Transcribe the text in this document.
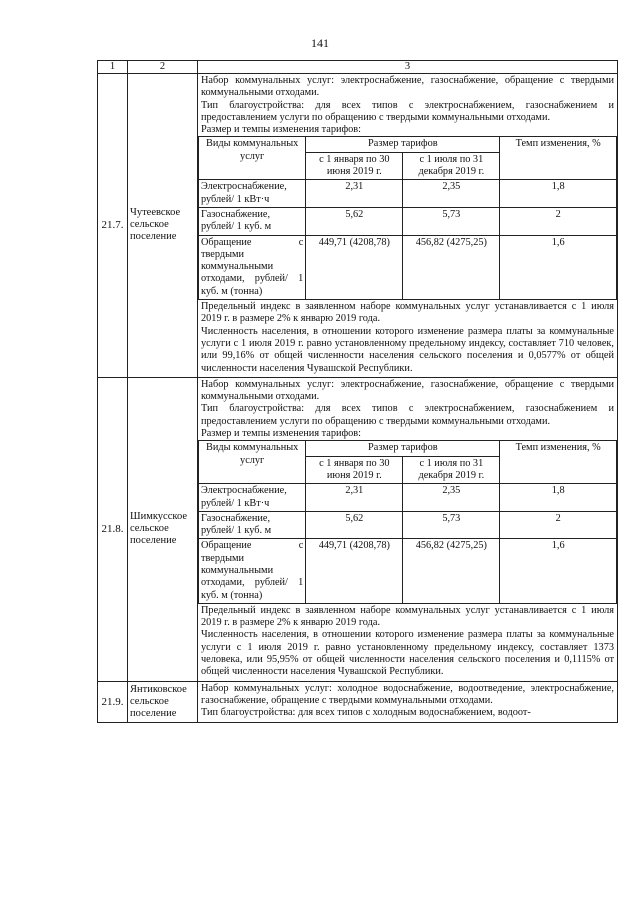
141
1	2	3
21.7.	Чутеевское сельское поселение	

Набор коммунальных услуг: электроснабжение, газоснабжение, обращение с твердыми коммунальными отходами.

Тип благоустройства: для всех типов с электроснабжением, газоснабжением и предоставлением услуги по обращению с твердыми коммунальными отходами.

Размер и темпы изменения тарифов:

Виды коммунальных услуг	Размер тарифов	Темп изменения, %
с 1 января по 30 июня 2019 г.	с 1 июля по 31 декабря 2019 г.
Электроснабжение, рублей/ 1 кВт·ч	2,31	2,35	1,8
Газоснабжение, рублей/ 1 куб. м	5,62	5,73	2
Обращение с твердыми коммунальными отходами, рублей/ 1 куб. м (тонна)	449,71 (4208,78)	456,82 (4275,25)	1,6

Предельный индекс в заявленном наборе коммунальных услуг устанавливается с 1 июля 2019 г. в размере 2% к январю 2019 года.

Численность населения, в отношении которого изменение размера платы за коммунальные услуги с 1 июля 2019 г. равно установленному предельному индексу, составляет 710 человек, или 99,16% от общей численности населения сельского поселения и 0,0577% от общей численности населения Чувашской Республики.

21.8.	Шимкусское сельское поселение	

Набор коммунальных услуг: электроснабжение, газоснабжение, обращение с твердыми коммунальными отходами.

Тип благоустройства: для всех типов с электроснабжением, газоснабжением и предоставлением услуги по обращению с твердыми коммунальными отходами.

Размер и темпы изменения тарифов:

Виды коммунальных услуг	Размер тарифов	Темп изменения, %
с 1 января по 30 июня 2019 г.	с 1 июля по 31 декабря 2019 г.
Электроснабжение, рублей/ 1 кВт·ч	2,31	2,35	1,8
Газоснабжение, рублей/ 1 куб. м	5,62	5,73	2
Обращение с твердыми коммунальными отходами, рублей/ 1 куб. м (тонна)	449,71 (4208,78)	456,82 (4275,25)	1,6

Предельный индекс в заявленном наборе коммунальных услуг устанавливается с 1 июля 2019 г. в размере 2% к январю 2019 года.

Численность населения, в отношении которого изменение размера платы за коммунальные услуги с 1 июля 2019 г. равно установленному предельному индексу, составляет 1373 человека, или 95,95% от общей численности населения сельского поселения и 0,1115% от общей численности населения Чувашской Республики.

21.9.	Янтиковское сельское поселение	

Набор коммунальных услуг: холодное водоснабжение, водоотведение, электроснабжение, газоснабжение, обращение с твердыми коммунальными отходами.

Тип благоустройства: для всех типов с холодным водоснабжением, водоот-
